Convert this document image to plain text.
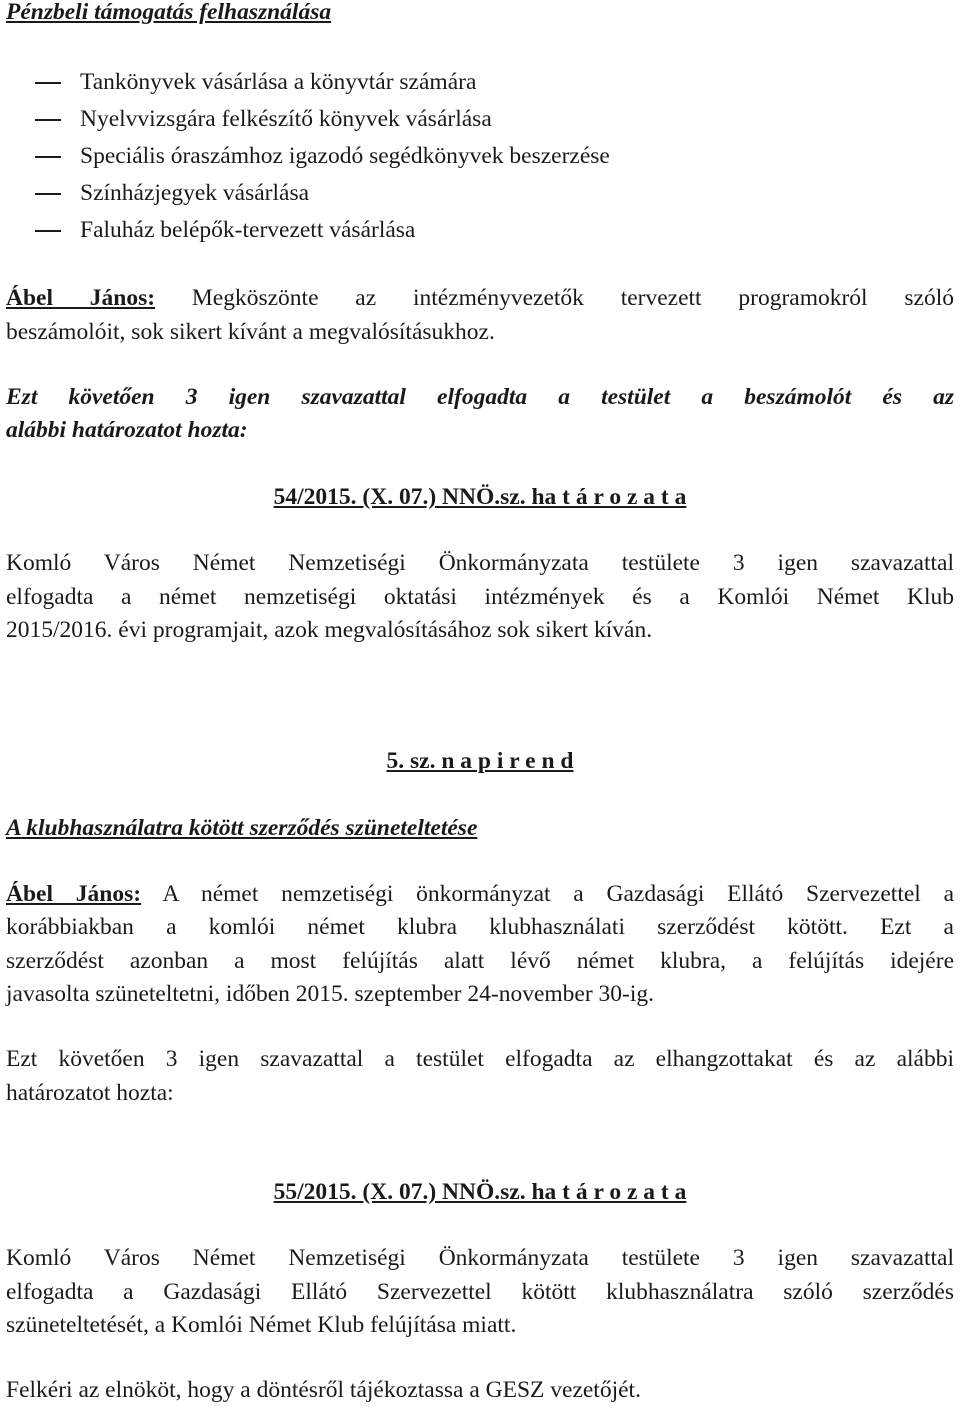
Pénzbeli támogatás felhasználása
Tankönyvek vásárlása a könyvtár számára
Nyelvvizsgára felkészítő könyvek vásárlása
Speciális óraszámhoz igazodó segédkönyvek beszerzése
Színházjegyek vásárlása
Faluház belépők-tervezett vásárlása
Ábel János: Megköszönte az intézményvezetők tervezett programokról szóló
beszámolóit, sok sikert kívánt a megvalósításukhoz.
Ezt követően 3 igen szavazattal elfogadta a testület a beszámolót és az
alábbi határozatot hozta:
54/2015. (X. 07.) NNÖ.sz. ha t á r o z a t a
Komló Város Német Nemzetiségi Önkormányzata testülete 3 igen szavazattal
elfogadta a német nemzetiségi oktatási intézmények és a Komlói Német Klub
2015/2016. évi programjait, azok megvalósításához sok sikert kíván.
5. sz. n a p i r e n d
A klubhasználatra kötött szerződés szüneteltetése
Ábel János: A német nemzetiségi önkormányzat a Gazdasági Ellátó Szervezettel a
korábbiakban a komlói német klubra klubhasználati szerződést kötött. Ezt a
szerződést azonban a most felújítás alatt lévő német klubra, a felújítás idejére
javasolta szüneteltetni, időben 2015. szeptember 24-november 30-ig.
Ezt követően 3 igen szavazattal a testület elfogadta az elhangzottakat és az alábbi
határozatot hozta:
55/2015. (X. 07.) NNÖ.sz. ha t á r o z a t a
Komló Város Német Nemzetiségi Önkormányzata testülete 3 igen szavazattal
elfogadta a Gazdasági Ellátó Szervezettel kötött klubhasználatra szóló szerződés
szüneteltetését, a Komlói Német Klub felújítása miatt.
Felkéri az elnököt, hogy a döntésről tájékoztassa a GESZ vezetőjét.
